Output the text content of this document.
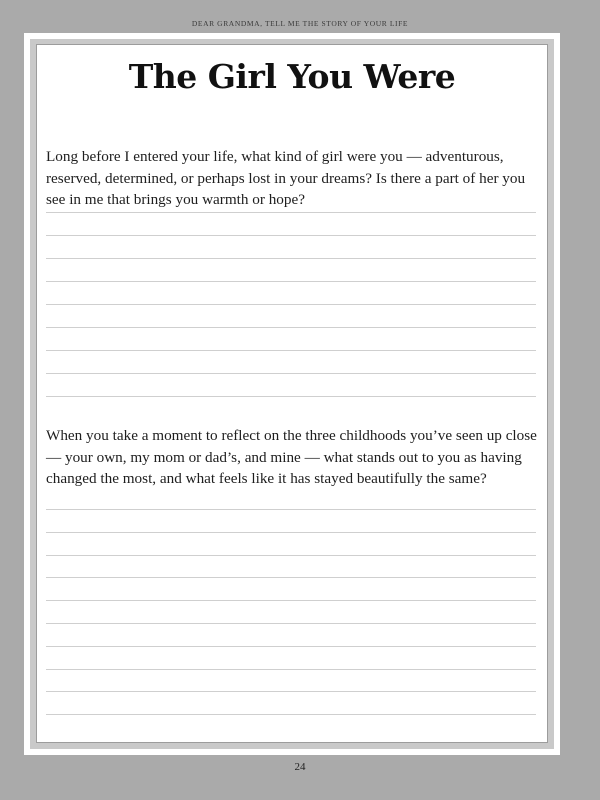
DEAR GRANDMA, TELL ME THE STORY OF YOUR LIFE
The Girl You Were

Long before I entered your life, what kind of girl were you — adventurous, reserved, determined, or perhaps lost in your dreams? Is there a part of her you see in me that brings you warmth or hope?

When you take a moment to reflect on the three childhoods you’ve seen up close — your own, my mom or dad’s, and mine — what stands out to you as having changed the most, and what feels like it has stayed beautifully the same?

24
